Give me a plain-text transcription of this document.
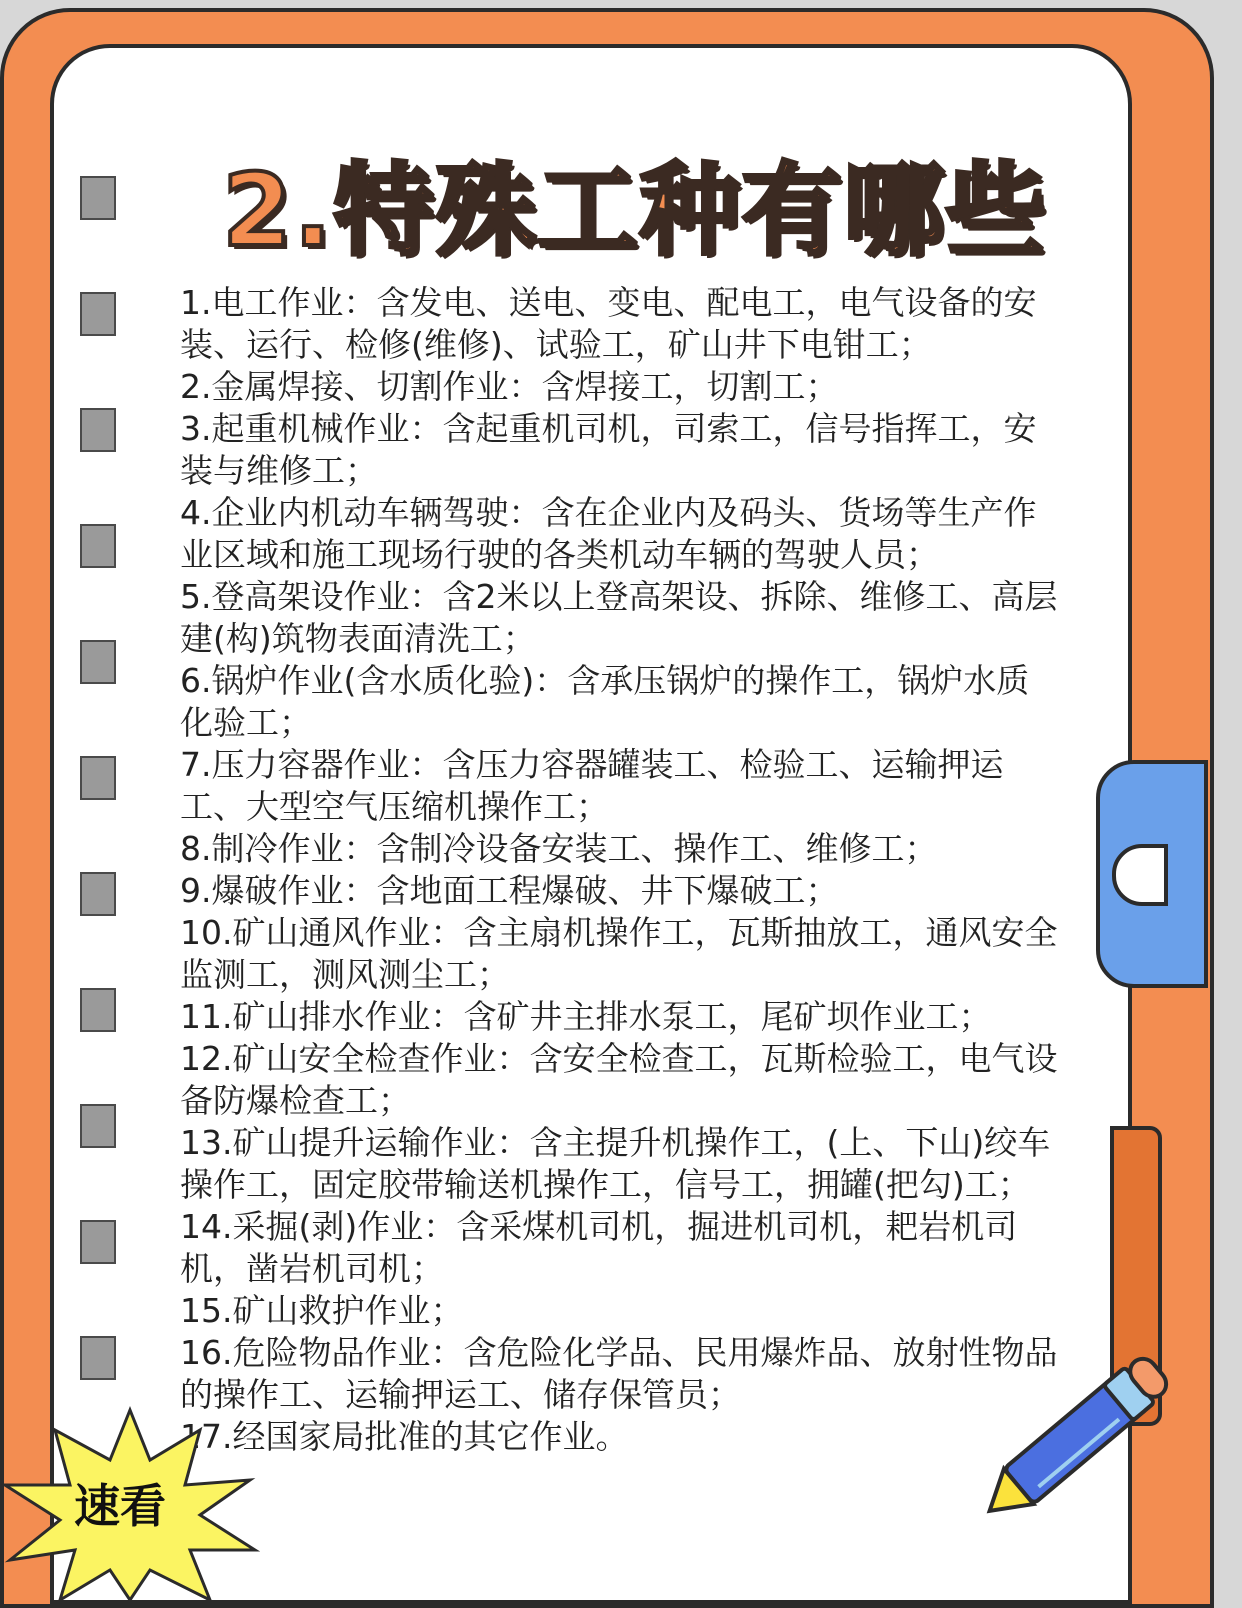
2.特殊工种有哪些
1.电工作业：含发电、送电、变电、配电工，电气设备的安装、运行、检修(维修)、试验工，矿山井下电钳工；
2.金属焊接、切割作业：含焊接工，切割工；
3.起重机械作业：含起重机司机，司索工，信号指挥工，安装与维修工；
4.企业内机动车辆驾驶：含在企业内及码头、货场等生产作业区域和施工现场行驶的各类机动车辆的驾驶人员；
5.登高架设作业：含2米以上登高架设、拆除、维修工、高层建(构)筑物表面清洗工；
6.锅炉作业(含水质化验)：含承压锅炉的操作工，锅炉水质化验工；
7.压力容器作业：含压力容器罐装工、检验工、运输押运工、大型空气压缩机操作工；
8.制冷作业：含制冷设备安装工、操作工、维修工；
9.爆破作业：含地面工程爆破、井下爆破工；
10.矿山通风作业：含主扇机操作工，瓦斯抽放工，通风安全监测工，测风测尘工；
11.矿山排水作业：含矿井主排水泵工，尾矿坝作业工；
12.矿山安全检查作业：含安全检查工，瓦斯检验工，电气设备防爆检查工；
13.矿山提升运输作业：含主提升机操作工，(上、下山)绞车操作工，固定胶带输送机操作工，信号工，拥罐(把勾)工；
14.采掘(剥)作业：含采煤机司机，掘进机司机，耙岩机司机，凿岩机司机；
15.矿山救护作业；
16.危险物品作业：含危险化学品、民用爆炸品、放射性物品的操作工、运输押运工、储存保管员；
17.经国家局批准的其它作业。
速看
